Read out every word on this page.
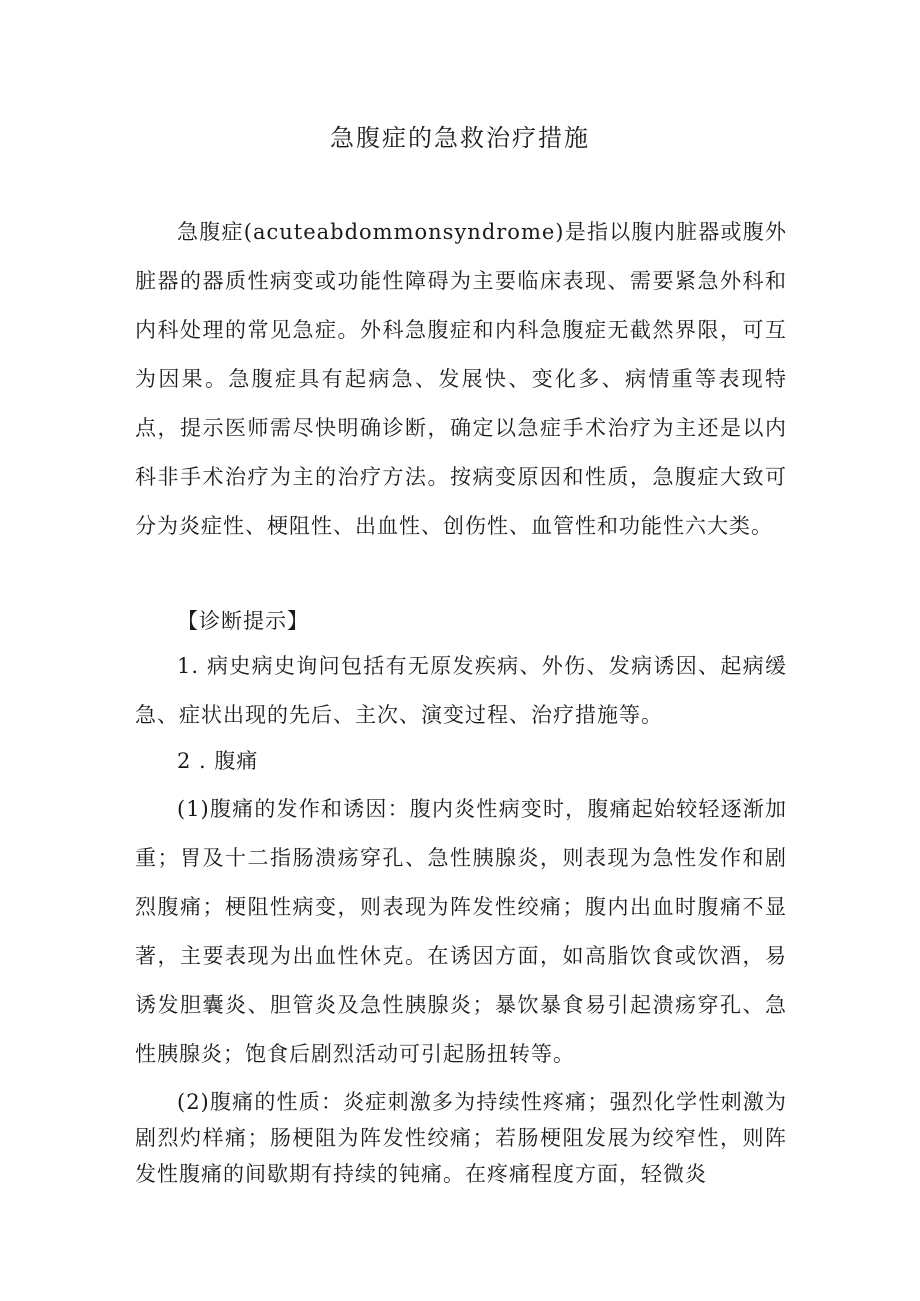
急腹症的急救治疗措施

急腹症(acuteabdommonsyndrome)是指以腹内脏器或腹外脏器的器质性病变或功能性障碍为主要临床表现、需要紧急外科和内科处理的常见急症。外科急腹症和内科急腹症无截然界限，可互为因果。急腹症具有起病急、发展快、变化多、病情重等表现特点，提示医师需尽快明确诊断，确定以急症手术治疗为主还是以内科非手术治疗为主的治疗方法。按病变原因和性质，急腹症大致可分为炎症性、梗阻性、出血性、创伤性、血管性和功能性六大类。

【诊断提示】

1. 病史病史询问包括有无原发疾病、外伤、发病诱因、起病缓急、症状出现的先后、主次、演变过程、治疗措施等。

2 . 腹痛

(1)腹痛的发作和诱因：腹内炎性病变时，腹痛起始较轻逐渐加重；胃及十二指肠溃疡穿孔、急性胰腺炎，则表现为急性发作和剧烈腹痛；梗阻性病变，则表现为阵发性绞痛；腹内出血时腹痛不显著，主要表现为出血性休克。在诱因方面，如高脂饮食或饮酒，易诱发胆囊炎、胆管炎及急性胰腺炎；暴饮暴食易引起溃疡穿孔、急性胰腺炎；饱食后剧烈活动可引起肠扭转等。

(2)腹痛的性质：炎症刺激多为持续性疼痛；强烈化学性刺激为剧烈灼样痛；肠梗阻为阵发性绞痛；若肠梗阻发展为绞窄性，则阵发性腹痛的间歇期有持续的钝痛。在疼痛程度方面，轻微炎
